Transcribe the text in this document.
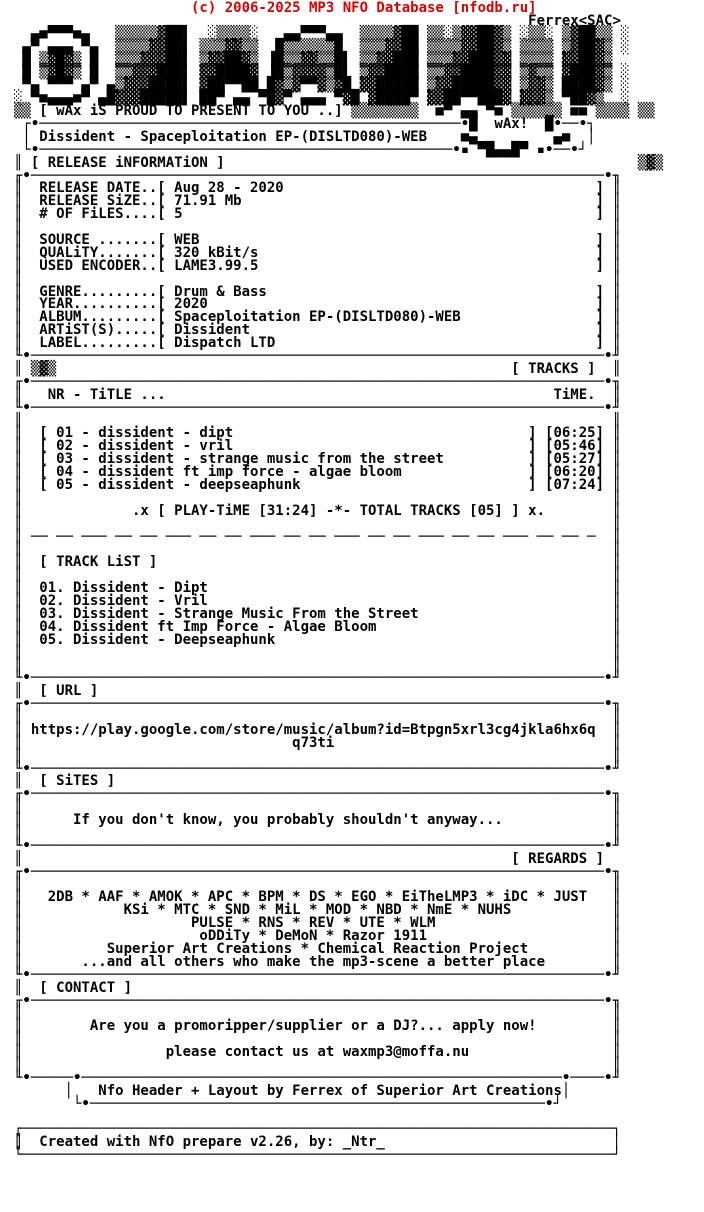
(c) 2006-2025 MP3 NFO Database [nfodb.ru]
Ferrex<SAC>
▄■▀▀▀■▄   ▒▒▒▒▒▓██▌  ░▒▒▒▒░   ▄▄▀▀▀▄▄  ▒▒▒▒▓██ ▒▒░▒▓▓██▓▒ ░▒▒░ ▒▓██▒▒ ░
▄▀ ▄▄▄ ▀▄  ▒▒▒▒▓▓██▌ ▒▒▒▓▓▒▒  █▒▒▒▒▒▒█  ▒▒▒▓▓██ ▒▒▒▒▓▓██▓▒ ▒▒▒▒ ▒▓██▓▒ ░
█ ▒▓█▓▒ █  ▒▒▒▓▓▓██▌ ▒▓▓██▓▒ ▐█▒▒▓▓▒▒█▌ ▒▒▓▓███ ▒▒▒▓▓███▓▓ ▒▒▒▒ ▓▓██▓▒
█ ▒▓█▓▒ █  ▒▒▓▓▓███▌ ▓▓████▓ ▐█▒▓▓▓▓▒█▌ ▒▓▓████ ▒▒▓▓████▓▓ ▒▓▒▒ ▓███▓▒ ░
▀▄ ▀▀▀ ▄▀ ▄▒▓▓▓████▌ ▓██▀▀██ █▓▒▓▀▀▓▒▓█ ▓▓█████ ▒▓▓█████▓▓ ▒▓▓▒ ████▓▒ ░
░ ▀■▄▄▄■▀ ▄█▓▓▓█████▌ ██▀ ▄▄ ▀█▓▀ ▄▄▄ ▀▓█ ▓████▀ ▓▓██▀▀███▓ ▓▓▓▒ ▀██▓▒  ░
▒▒ [ wAx iS PROUD TO PRESENT TO YOU ..] ▒▒▒▒▒▒▒▒  ■▀ ▄▄ ▀■ ▒▒▒▒▒▒ ■■ ▒▒▒▒ ▒▒
┌•──────────────────────────────────────────────────•█  wAx!  █•──•┐
│ Dissident - Spaceploitation EP-(DISLTD080)-WEB    ■▄         ▄■  │
└•─────────────────────────────────────────────────•▪ ▀█▄▄█▀ ▪•──•┘
║ [ RELEASE iNFORMATiON ]                                                 ▒▓▒
╓•────────────────────────────────────────────────────────────────────•╖
║  RELEASE DATE..[ Aug 28 - 2020                                     ] ║
║  RELEASE SiZE..[ 71.91 Mb                                          ] ║
║  # OF FiLES....[ 5                                                 ] ║
║                                                                      ║
║  SOURCE .......[ WEB                                               ] ║
║  QUALiTY.......[ 320 kBit/s                                        ] ║
║  USED ENCODER..[ LAME3.99.5                                        ] ║
║                                                                      ║
║  GENRE.........[ Drum & Bass                                       ] ║
║  YEAR..........[ 2020                                              ] ║
║  ALBUM.........[ Spaceploitation EP-(DISLTD080)-WEB                ] ║
║  ARTiST(S).....[ Dissident                                         ] ║
║  LABEL.........[ Dispatch LTD                                      ] ║
╙•────────────────────────────────────────────────────────────────────•╜
║ ▒▓▒                                                      [ TRACKS ]  ║
╓•────────────────────────────────────────────────────────────────────•╖
║   NR - TiTLE ...                                              TiME.  ║
╙•────────────────────────────────────────────────────────────────────•╜
║                                                                      ║
║  [ 01 - dissident - dipt                                   ] [06:25] ║
║  [ 02 - dissident - vril                                   ] [05:46] ║
║  [ 03 - dissident - strange music from the street          ] [05:27] ║
║  [ 04 - dissident ft imp force - algae bloom               ] [06:20] ║
║  [ 05 - dissident - deepseaphunk                           ] [07:24] ║
║                                                                      ║
║             .x [ PLAY-TiME [31:24] -*- TOTAL TRACKS [05] ] x.        ║
║                                                                      ║
║ ── ── ─── ── ── ─── ── ── ─── ── ── ─── ── ── ─── ── ── ─── ── ── ─  ║
║                                                                      ║
║  [ TRACK LiST ]                                                      ║
║                                                                      ║
║  01. Dissident - Dipt                                                ║
║  02. Dissident - Vril                                                ║
║  03. Dissident - Strange Music From the Street                       ║
║  04. Dissident ft Imp Force - Algae Bloom                            ║
║  05. Dissident - Deepseaphunk                                        ║
║                                                                      ║
║                                                                      ║
╙•────────────────────────────────────────────────────────────────────•╜
║  [ URL ]
╓•────────────────────────────────────────────────────────────────────•╖
║                                                                      ║
║ https://play.google.com/store/music/album?id=Btpgn5xrl3cg4jkla6hx6q  ║
║                                q73ti                                 ║
║                                                                      ║
╙•────────────────────────────────────────────────────────────────────•╜
║  [ SiTES ]
╓•────────────────────────────────────────────────────────────────────•╖
║                                                                      ║
║      If you don't know, you probably shouldn't anyway...             ║
║                                                                      ║
╙•────────────────────────────────────────────────────────────────────•╜
║                                                          [ REGARDS ]
╓•────────────────────────────────────────────────────────────────────•╖
║                                                                      ║
║   2DB * AAF * AMOK * APC * BPM * DS * EGO * EiTheLMP3 * iDC * JUST   ║
║            KSi * MTC * SND * MiL * MOD * NBD * NmE * NUHS            ║
║                    PULSE * RNS * REV * UTE * WLM                     ║
║                     oDDiTy * DeMoN * Razor 1911                      ║
║          Superior Art Creations * Chemical Reaction Project          ║
║       ...and all others who make the mp3-scene a better place        ║
╙•────────────────────────────────────────────────────────────────────•╜
║  [ CONTACT ]
╓•────────────────────────────────────────────────────────────────────•╖
║                                                                      ║
║        Are you a promoripper/supplier or a DJ?... apply now!         ║
║                                                                      ║
║                 please contact us at waxmp3@moffa.nu                 ║
║                                                                      ║
╙•─────•─────────────────────────────────────────────────────────•────•╜
│   Nfo Header + Layout by Ferrex of Superior Art Creations│
└•──────────────────────────────────────────────────────•┘
┌──────────────────────────────────────────────────────────────────────┐
║  Created with NfO prepare v2.26, by: _Ntr_                           │
└──────────────────────────────────────────────────────────────────────┘
